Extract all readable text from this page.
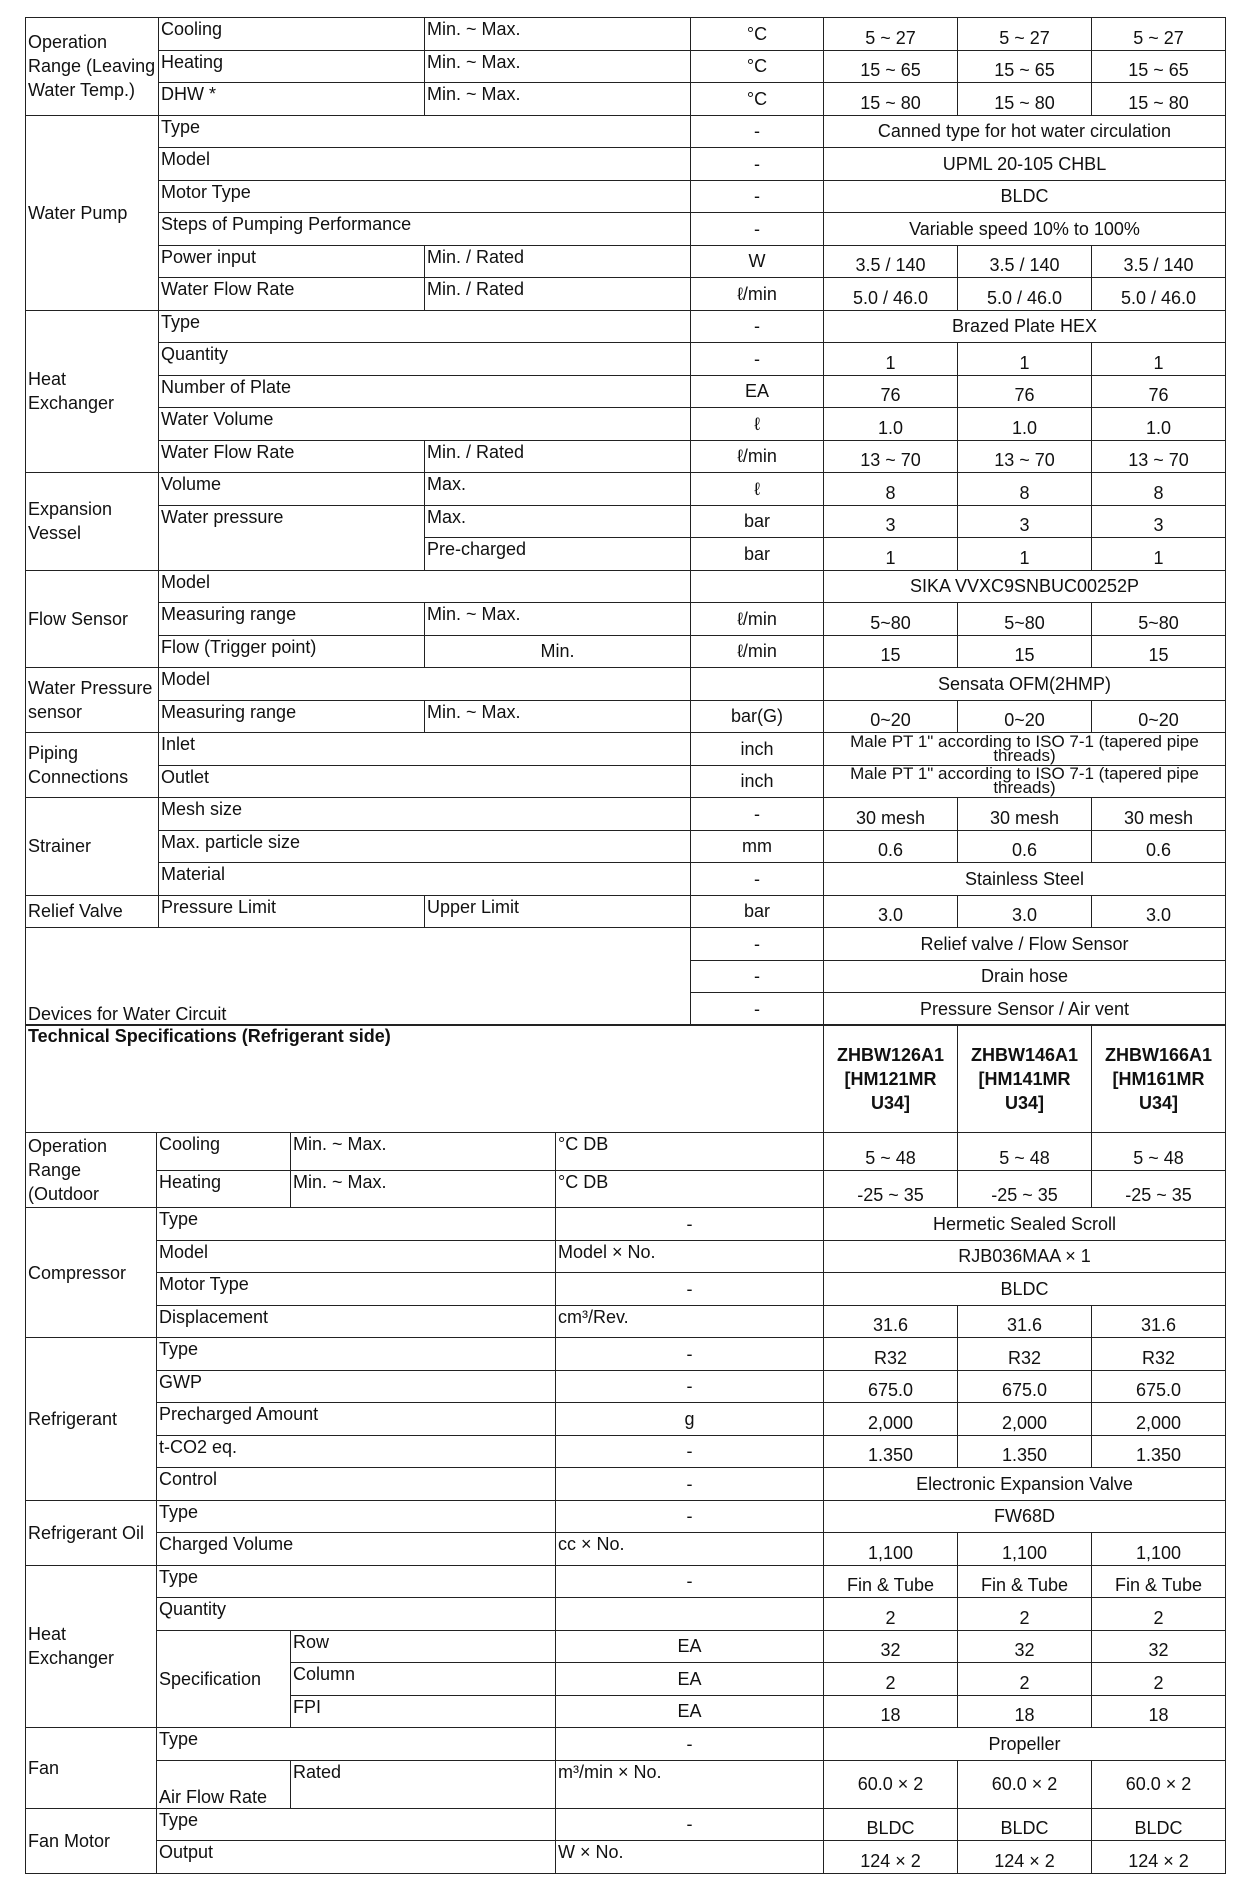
Operation Range (Leaving Water Temp.)	Cooling	Min. ~ Max.	°C	5 ~ 27	5 ~ 27	5 ~ 27
	Heating	Min. ~ Max.	°C	15 ~ 65	15 ~ 65	15 ~ 65
	DHW *	Min. ~ Max.	°C	15 ~ 80	15 ~ 80	15 ~ 80
Water Pump	Type		-	Canned type for hot water circulation		
	Model		-	UPML 20-105 CHBL		
	Motor Type		-	BLDC		
	Steps of Pumping Performance		-	Variable speed 10% to 100%		
	Power input	Min. / Rated	W	3.5 / 140	3.5 / 140	3.5 / 140
	Water Flow Rate	Min. / Rated	ℓ/min	5.0 / 46.0	5.0 / 46.0	5.0 / 46.0
Heat Exchanger	Type		-	Brazed Plate HEX		
	Quantity		-	1	1	1
	Number of Plate		EA	76	76	76
	Water Volume		ℓ	1.0	1.0	1.0
	Water Flow Rate	Min. / Rated	ℓ/min	13 ~ 70	13 ~ 70	13 ~ 70
Expansion Vessel	Volume	Max.	ℓ	8	8	8
	Water pressure	Max.	bar	3	3	3
		Pre-charged	bar	1	1	1
Flow Sensor	Model			SIKA VVXC9SNBUC00252P		
	Measuring range	Min. ~ Max.	ℓ/min	5~80	5~80	5~80
	Flow (Trigger point)	Min.	ℓ/min	15	15	15
Water Pressure sensor	Model			Sensata OFM(2HMP)		
	Measuring range	Min. ~ Max.	bar(G)	0~20	0~20	0~20
Piping Connections	Inlet		inch	Male PT 1" according to ISO 7-1 (tapered pipe threads)		
	Outlet		inch	Male PT 1" according to ISO 7-1 (tapered pipe threads)		
Strainer	Mesh size		-	30 mesh	30 mesh	30 mesh
	Max. particle size		mm	0.6	0.6	0.6
	Material		-	Stainless Steel		
Relief Valve	Pressure Limit	Upper Limit	bar	3.0	3.0	3.0
Devices for Water Circuit			-	Relief valve / Flow Sensor		
			-	Drain hose		
			-	Pressure Sensor / Air vent		
Technical Specifications (Refrigerant side)				ZHBW126A1 [HM121MR U34]	ZHBW146A1 [HM141MR U34]	ZHBW166A1 [HM161MR U34]
Operation Range (Outdoor	Cooling	Min. ~ Max.	°C DB	5 ~ 48	5 ~ 48	5 ~ 48
	Heating	Min. ~ Max.	°C DB	-25 ~ 35	-25 ~ 35	-25 ~ 35
Compressor	Type		-	Hermetic Sealed Scroll		
	Model		Model × No.	RJB036MAA × 1		
	Motor Type		-	BLDC		
	Displacement		cm³/Rev.	31.6	31.6	31.6
Refrigerant	Type		-	R32	R32	R32
	GWP		-	675.0	675.0	675.0
	Precharged Amount		g	2,000	2,000	2,000
	t-CO2 eq.		-	1.350	1.350	1.350
	Control		-	Electronic Expansion Valve		
Refrigerant Oil	Type		-	FW68D		
	Charged Volume		cc × No.	1,100	1,100	1,100
Heat Exchanger	Type		-	Fin & Tube	Fin & Tube	Fin & Tube
	Quantity			2	2	2
	Specification	Row	EA	32	32	32
		Column	EA	2	2	2
		FPI	EA	18	18	18
Fan	Type		-	Propeller		
	Air Flow Rate	Rated	m³/min × No.	60.0 × 2	60.0 × 2	60.0 × 2
Fan Motor	Type		-	BLDC	BLDC	BLDC
	Output		W × No.	124 × 2	124 × 2	124 × 2
